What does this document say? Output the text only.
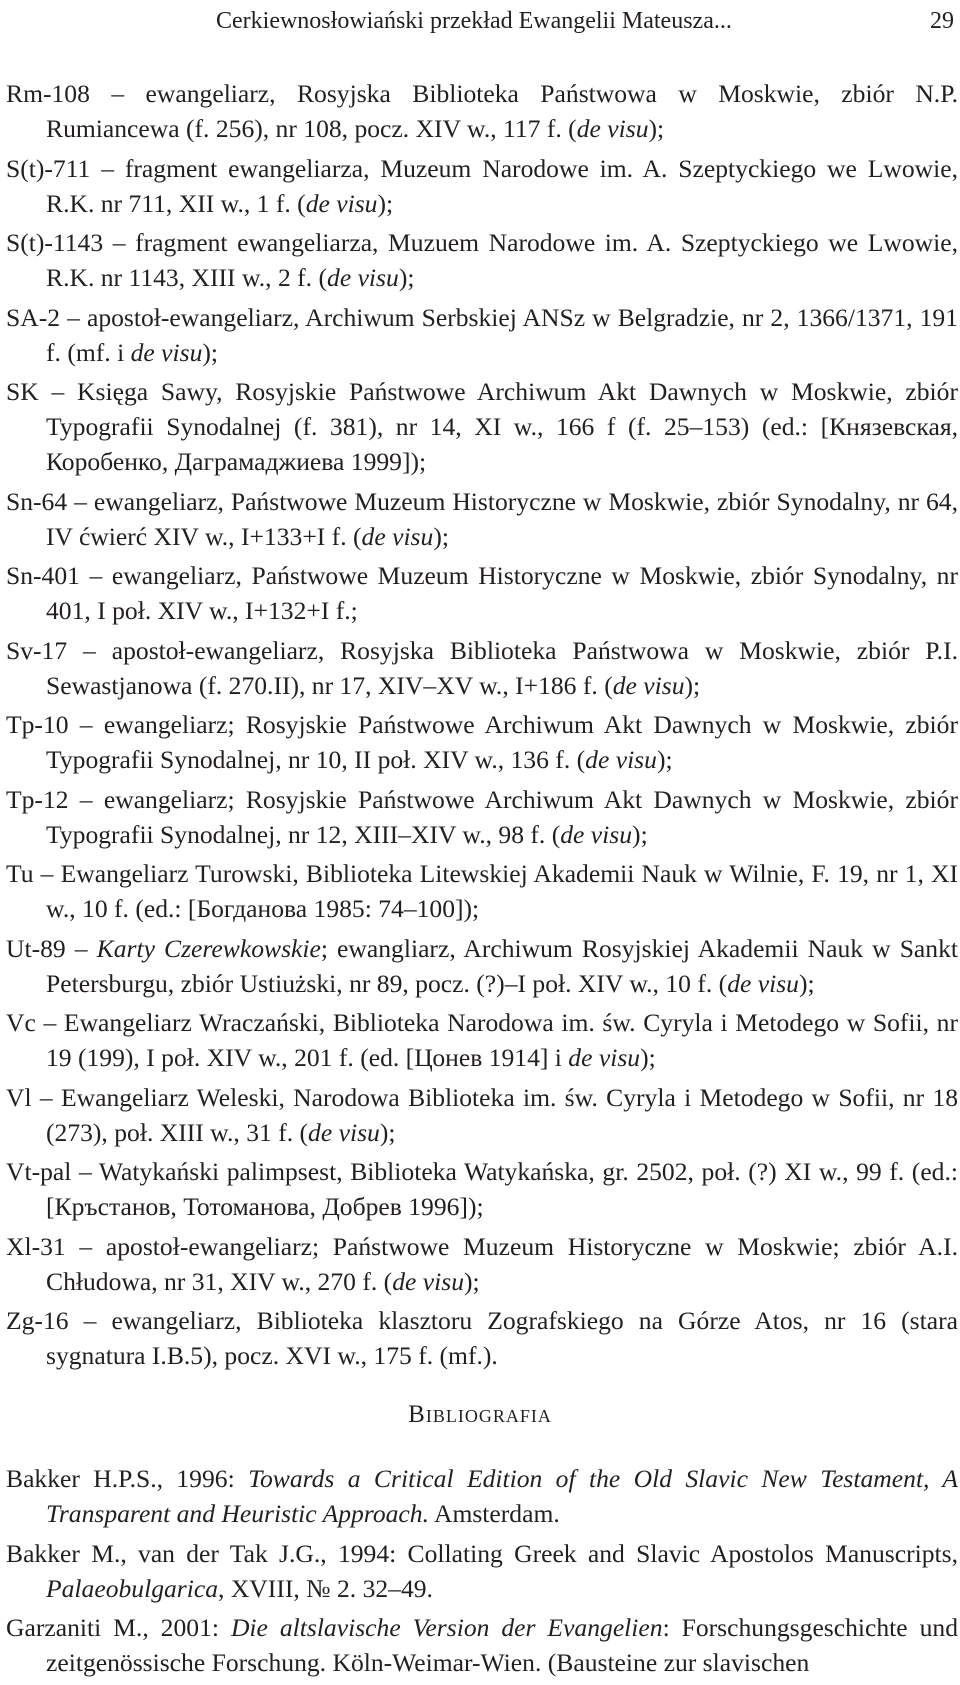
Cerkiewnosłowiański przekład Ewangelii Mateusza...	29

Rm-108 – ewangeliarz, Rosyjska Biblioteka Państwowa w Moskwie, zbiór N.P. Rumiancewa (f. 256), nr 108, pocz. XIV w., 117 f. (de visu);

S(t)-711 – fragment ewangeliarza, Muzeum Narodowe im. A. Szeptyckiego we Lwowie, R.K. nr 711, XII w., 1 f. (de visu);

S(t)-1143 – fragment ewangeliarza, Muzuem Narodowe im. A. Szeptyckiego we Lwowie, R.K. nr 1143, XIII w., 2 f. (de visu);

SA-2 – apostoł-ewangeliarz, Archiwum Serbskiej ANSz w Belgradzie, nr 2, 1366/1371, 191 f. (mf. i de visu);

SK – Księga Sawy, Rosyjskie Państwowe Archiwum Akt Dawnych w Moskwie, zbiór Typografii Synodalnej (f. 381), nr 14, XI w., 166 f (f. 25–153) (ed.: [Князевская, Коробенко, Даграмаджиева 1999]);

Sn-64 – ewangeliarz, Państwowe Muzeum Historyczne w Moskwie, zbiór Synodalny, nr 64, IV ćwierć XIV w., I+133+I f. (de visu);

Sn-401 – ewangeliarz, Państwowe Muzeum Historyczne w Moskwie, zbiór Synodalny, nr 401, I poł. XIV w., I+132+I f.;

Sv-17 – apostoł-ewangeliarz, Rosyjska Biblioteka Państwowa w Moskwie, zbiór P.I. Sewastjanowa (f. 270.II), nr 17, XIV–XV w., I+186 f. (de visu);

Tp-10 – ewangeliarz; Rosyjskie Państwowe Archiwum Akt Dawnych w Moskwie, zbiór Typografii Synodalnej, nr 10, II poł. XIV w., 136 f. (de visu);

Tp-12 – ewangeliarz; Rosyjskie Państwowe Archiwum Akt Dawnych w Moskwie, zbiór Typografii Synodalnej, nr 12, XIII–XIV w., 98 f. (de visu);

Tu – Ewangeliarz Turowski, Biblioteka Litewskiej Akademii Nauk w Wilnie, F. 19, nr 1, XI w., 10 f. (ed.: [Богданова 1985: 74–100]);

Ut-89 – Karty Czerewkowskie; ewangliarz, Archiwum Rosyjskiej Akademii Nauk w Sankt Petersburgu, zbiór Ustiużski, nr 89, pocz. (?)–I poł. XIV w., 10 f. (de visu);

Vc – Ewangeliarz Wraczański, Biblioteka Narodowa im. św. Cyryla i Metodego w Sofii, nr 19 (199), I poł. XIV w., 201 f. (ed. [Цонев 1914] i de visu);

Vl – Ewangeliarz Weleski, Narodowa Biblioteka im. św. Cyryla i Metodego w Sofii, nr 18 (273), poł. XIII w., 31 f. (de visu);

Vt-pal – Watykański palimpsest, Biblioteka Watykańska, gr. 2502, poł. (?) XI w., 99 f. (ed.: [Кръстанов, Тотоманова, Добрев 1996]);

Xl-31 – apostoł-ewangeliarz; Państwowe Muzeum Historyczne w Moskwie; zbiór A.I. Chłudowa, nr 31, XIV w., 270 f. (de visu);

Zg-16 – ewangeliarz, Biblioteka klasztoru Zografskiego na Górze Atos, nr 16 (stara sygnatura I.B.5), pocz. XVI w., 175 f. (mf.).

Bibliografia

Bakker H.P.S., 1996: Towards a Critical Edition of the Old Slavic New Testament, A Transparent and Heuristic Approach. Amsterdam.

Bakker M., van der Tak J.G., 1994: Collating Greek and Slavic Apostolos Manuscripts, Palaeobulgarica, XVIII, № 2. 32–49.

Garzaniti M., 2001: Die altslavische Version der Evangelien: Forschungsgeschichte und zeitgenössische Forschung. Köln-Weimar-Wien. (Bausteine zur slavischen
